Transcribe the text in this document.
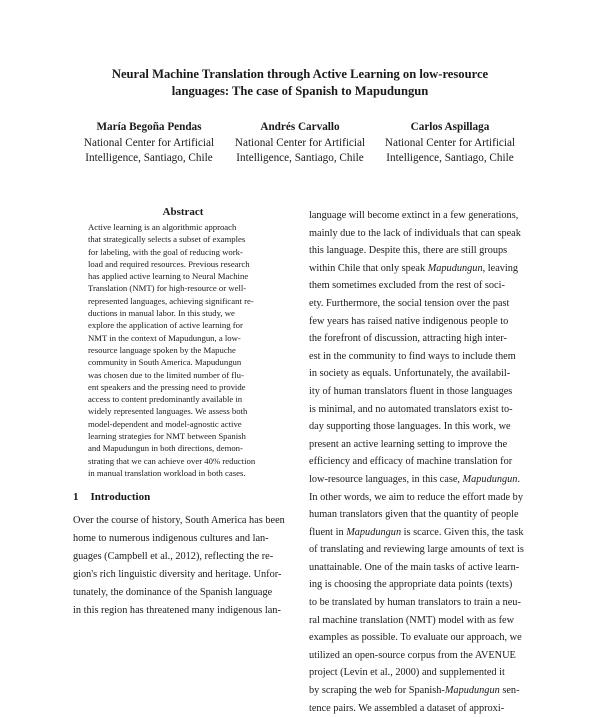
Neural Machine Translation through Active Learning on low-resource
languages: The case of Spanish to Mapudungun
María Begoña Pendas
National Center for Artificial
Intelligence, Santiago, Chile
Andrés Carvallo
National Center for Artificial
Intelligence, Santiago, Chile
Carlos Aspillaga
National Center for Artificial
Intelligence, Santiago, Chile
Abstract
Active learning is an algorithmic approach
that strategically selects a subset of examples
for labeling, with the goal of reducing work-
load and required resources. Previous research
has applied active learning to Neural Machine
Translation (NMT) for high-resource or well-
represented languages, achieving significant re-
ductions in manual labor. In this study, we
explore the application of active learning for
NMT in the context of Mapudungun, a low-
resource language spoken by the Mapuche
community in South America. Mapudungun
was chosen due to the limited number of flu-
ent speakers and the pressing need to provide
access to content predominantly available in
widely represented languages. We assess both
model-dependent and model-agnostic active
learning strategies for NMT between Spanish
and Mapudungun in both directions, demon-
strating that we can achieve over 40% reduction
in manual translation workload in both cases.
1 Introduction
Over the course of history, South America has been
home to numerous indigenous cultures and lan-
guages (Campbell et al., 2012), reflecting the re-
gion's rich linguistic diversity and heritage. Unfor-
tunately, the dominance of the Spanish language
in this region has threatened many indigenous lan-
language will become extinct in a few generations,
mainly due to the lack of individuals that can speak
this language. Despite this, there are still groups
within Chile that only speak Mapudungun, leaving
them sometimes excluded from the rest of soci-
ety. Furthermore, the social tension over the past
few years has raised native indigenous people to
the forefront of discussion, attracting high inter-
est in the community to find ways to include them
in society as equals. Unfortunately, the availabil-
ity of human translators fluent in those languages
is minimal, and no automated translators exist to-
day supporting those languages. In this work, we
present an active learning setting to improve the
efficiency and efficacy of machine translation for
low-resource languages, in this case, Mapudungun.
In other words, we aim to reduce the effort made by
human translators given that the quantity of people
fluent in Mapudungun is scarce. Given this, the task
of translating and reviewing large amounts of text is
unattainable. One of the main tasks of active learn-
ing is choosing the appropriate data points (texts)
to be translated by human translators to train a neu-
ral machine translation (NMT) model with as few
examples as possible. To evaluate our approach, we
utilized an open-source corpus from the AVENUE
project (Levin et al., 2000) and supplemented it
by scraping the web for Spanish-Mapudungun sen-
tence pairs. We assembled a dataset of approxi-
